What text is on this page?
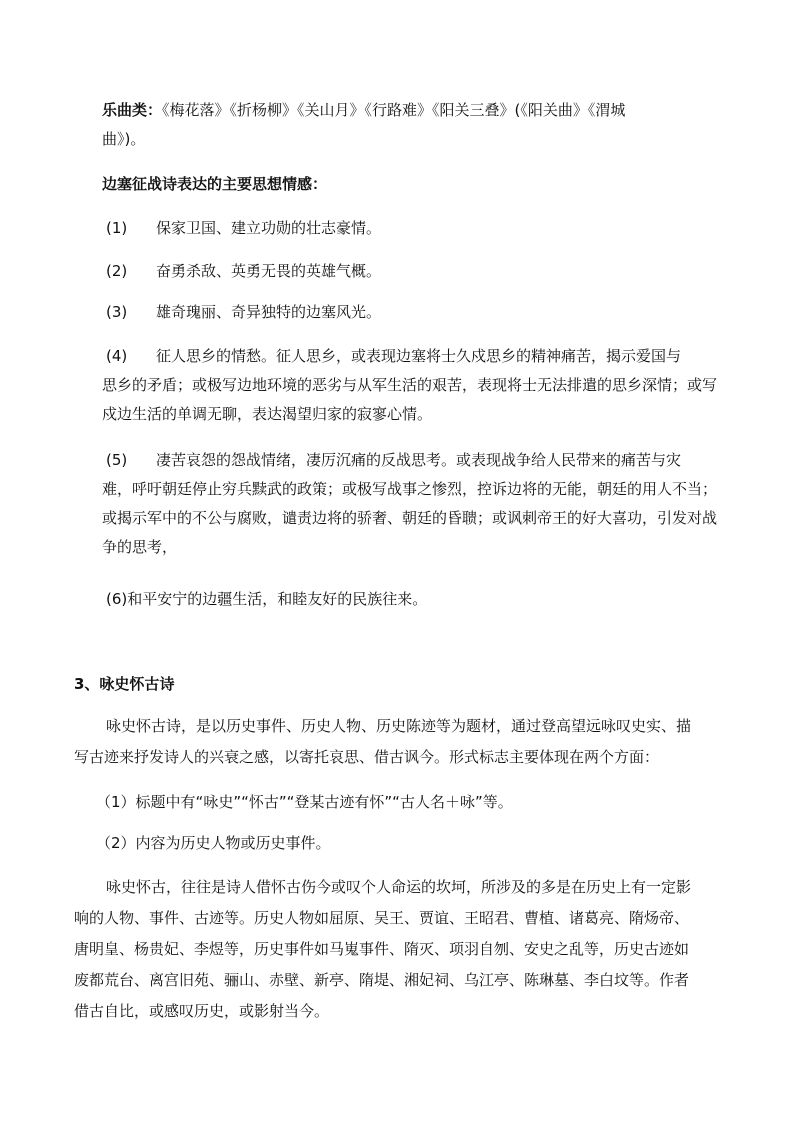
乐曲类：《梅花落》《折杨柳》《关山月》《行路难》《阳关三叠》(《阳关曲》《渭城
曲》)。
边塞征战诗表达的主要思想情感：
(1) 保家卫国、建立功勋的壮志豪情。
(2) 奋勇杀敌、英勇无畏的英雄气概。
(3) 雄奇瑰丽、奇异独特的边塞风光。
(4) 征人思乡的情愁。征人思乡，或表现边塞将士久戍思乡的精神痛苦，揭示爱国与
思乡的矛盾；或极写边地环境的恶劣与从军生活的艰苦，表现将士无法排遣的思乡深情；或写
戍边生活的单调无聊，表达渴望归家的寂寥心情。
(5) 凄苦哀怨的怨战情绪，凄厉沉痛的反战思考。或表现战争给人民带来的痛苦与灾
难，呼吁朝廷停止穷兵黩武的政策；或极写战事之惨烈，控诉边将的无能，朝廷的用人不当；
或揭示军中的不公与腐败，谴责边将的骄奢、朝廷的昏聩；或讽刺帝王的好大喜功，引发对战
争的思考，
(6)和平安宁的边疆生活，和睦友好的民族往来。
3、咏史怀古诗
咏史怀古诗，是以历史事件、历史人物、历史陈迹等为题材，通过登高望远咏叹史实、描
写古迹来抒发诗人的兴衰之感，以寄托哀思、借古讽今。形式标志主要体现在两个方面：
（1）标题中有“咏史”“怀古”“登某古迹有怀”“古人名＋咏”等。
（2）内容为历史人物或历史事件。
咏史怀古，往往是诗人借怀古伤今或叹个人命运的坎坷，所涉及的多是在历史上有一定影
响的人物、事件、古迹等。历史人物如屈原、吴王、贾谊、王昭君、曹植、诸葛亮、隋炀帝、
唐明皇、杨贵妃、李煜等，历史事件如马嵬事件、隋灭、项羽自刎、安史之乱等，历史古迹如
废都荒台、离宫旧苑、骊山、赤壁、新亭、隋堤、湘妃祠、乌江亭、陈琳墓、李白坟等。作者
借古自比，或感叹历史，或影射当今。
